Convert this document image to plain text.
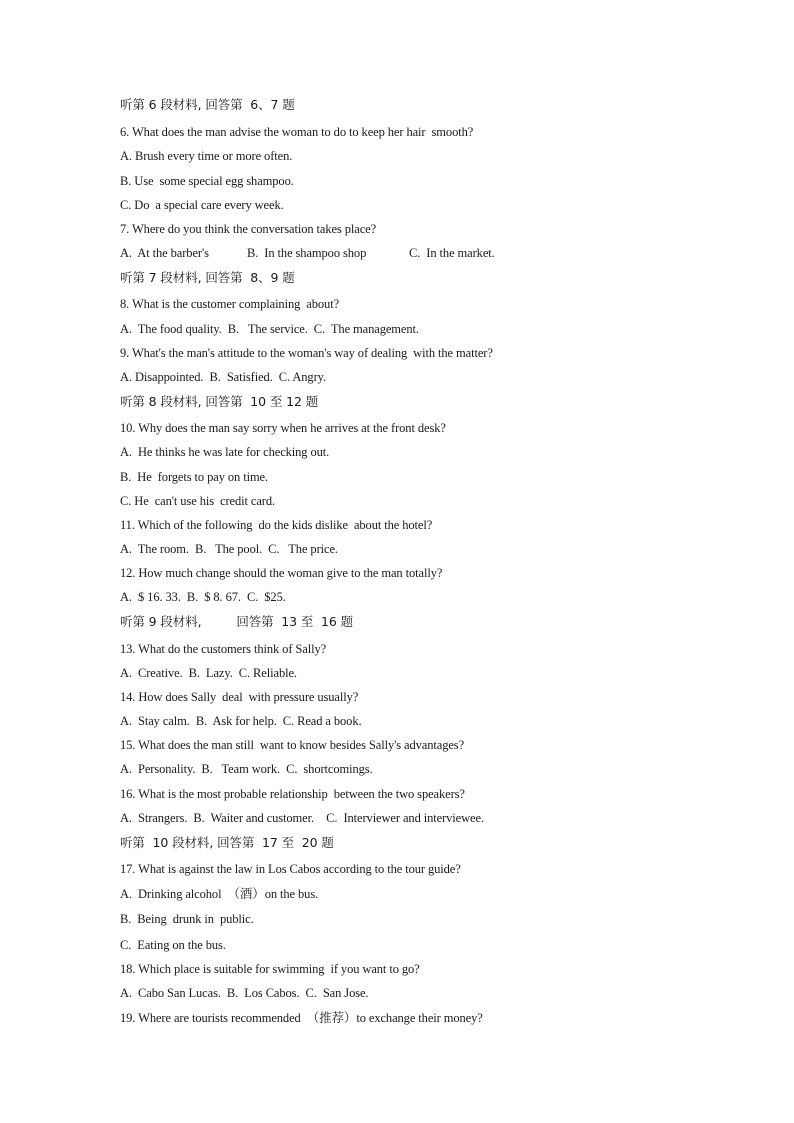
听第 6 段材料, 回答第  6、7 题
6. What does the man advise the woman to do to keep her hair  smooth?
A. Brush every time or more often.
B. Use  some special egg shampoo.
C. Do  a special care every week.
7. Where do you think the conversation takes place?
A.  At the barber's	B.  In the shampoo shop	C.  In the market.
听第 7 段材料, 回答第  8、9 题
8. What is the customer complaining  about?
A.  The food quality.  B.   The service.  C.  The management.
9. What's the man's attitude to the woman's way of dealing  with the matter?
A. Disappointed.  B.  Satisfied.  C. Angry.
听第 8 段材料, 回答第  10 至 12 题
10. Why does the man say sorry when he arrives at the front desk?
A.  He thinks he was late for checking out.
B.  He  forgets to pay on time.
C. He  can't use his  credit card.
11. Which of the following  do the kids dislike  about the hotel?
A.  The room.  B.   The pool.  C.   The price.
12. How much change should the woman give to the man totally?
A.  $ 16. 33.  B.  $ 8. 67.  C.  $25.
听第 9 段材料,         回答第  13 至  16 题
13. What do the customers think of Sally?
A.  Creative.  B.  Lazy.  C. Reliable.
14. How does Sally  deal  with pressure usually?
A.  Stay calm.  B.  Ask for help.  C. Read a book.
15. What does the man still  want to know besides Sally's advantages?
A.  Personality.  B.   Team work.  C.  shortcomings.
16. What is the most probable relationship  between the two speakers?
A.  Strangers.  B.  Waiter and customer.    C.  Interviewer and interviewee.
听第  10 段材料, 回答第  17 至  20 题
17. What is against the law in Los Cabos according to the tour guide?
A.  Drinking alcohol  （酒）on the bus.
B.  Being  drunk in  public.
C.  Eating on the bus.
18. Which place is suitable for swimming  if you want to go?
A.  Cabo San Lucas.  B.  Los Cabos.  C.  San Jose.
19. Where are tourists recommended  （推荐）to exchange their money?
